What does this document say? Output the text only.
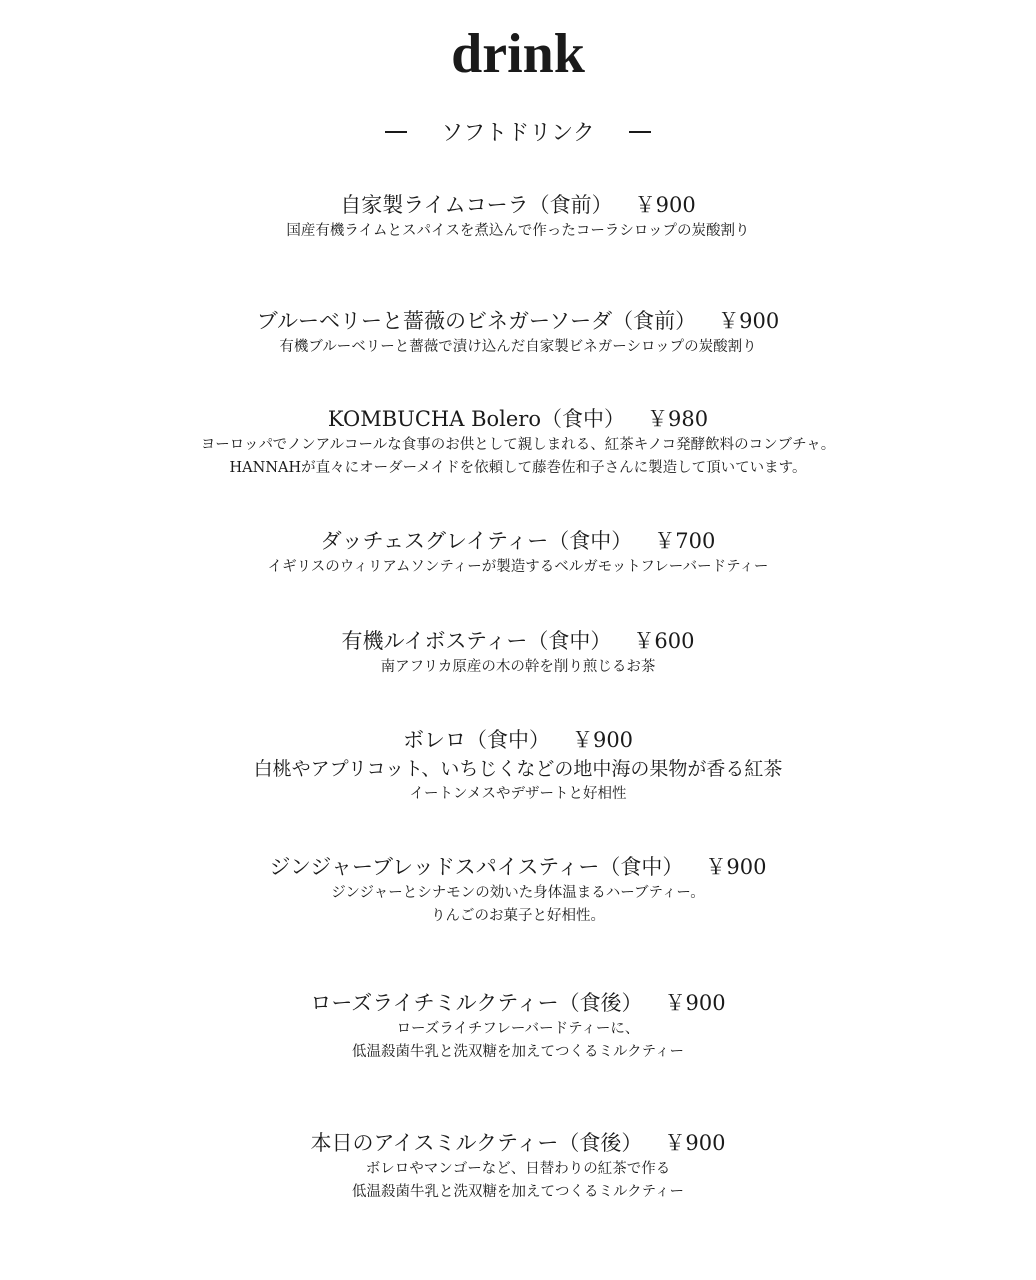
drink
ソフトドリンク
自家製ライムコーラ（食前） ￥900
国産有機ライムとスパイスを煮込んで作ったコーラシロップの炭酸割り
ブルーベリーと薔薇のビネガーソーダ（食前） ￥900
有機ブルーベリーと薔薇で漬け込んだ自家製ビネガーシロップの炭酸割り
KOMBUCHA Bolero（食中） ￥980
ヨーロッパでノンアルコールな食事のお供として親しまれる、紅茶キノコ発酵飲料のコンブチャ。
HANNAHが直々にオーダーメイドを依頼して藤巻佐和子さんに製造して頂いています。
ダッチェスグレイティー（食中） ￥700
イギリスのウィリアムソンティーが製造するベルガモットフレーバードティー
有機ルイボスティー（食中） ￥600
南アフリカ原産の木の幹を削り煎じるお茶
ボレロ（食中） ￥900
白桃やアプリコット、いちじくなどの地中海の果物が香る紅茶
イートンメスやデザートと好相性
ジンジャーブレッドスパイスティー（食中） ￥900
ジンジャーとシナモンの効いた身体温まるハーブティー。
りんごのお菓子と好相性。
ローズライチミルクティー（食後） ￥900
ローズライチフレーバードティーに、
低温殺菌牛乳と洗双糖を加えてつくるミルクティー
本日のアイスミルクティー（食後） ￥900
ボレロやマンゴーなど、日替わりの紅茶で作る
低温殺菌牛乳と洗双糖を加えてつくるミルクティー
